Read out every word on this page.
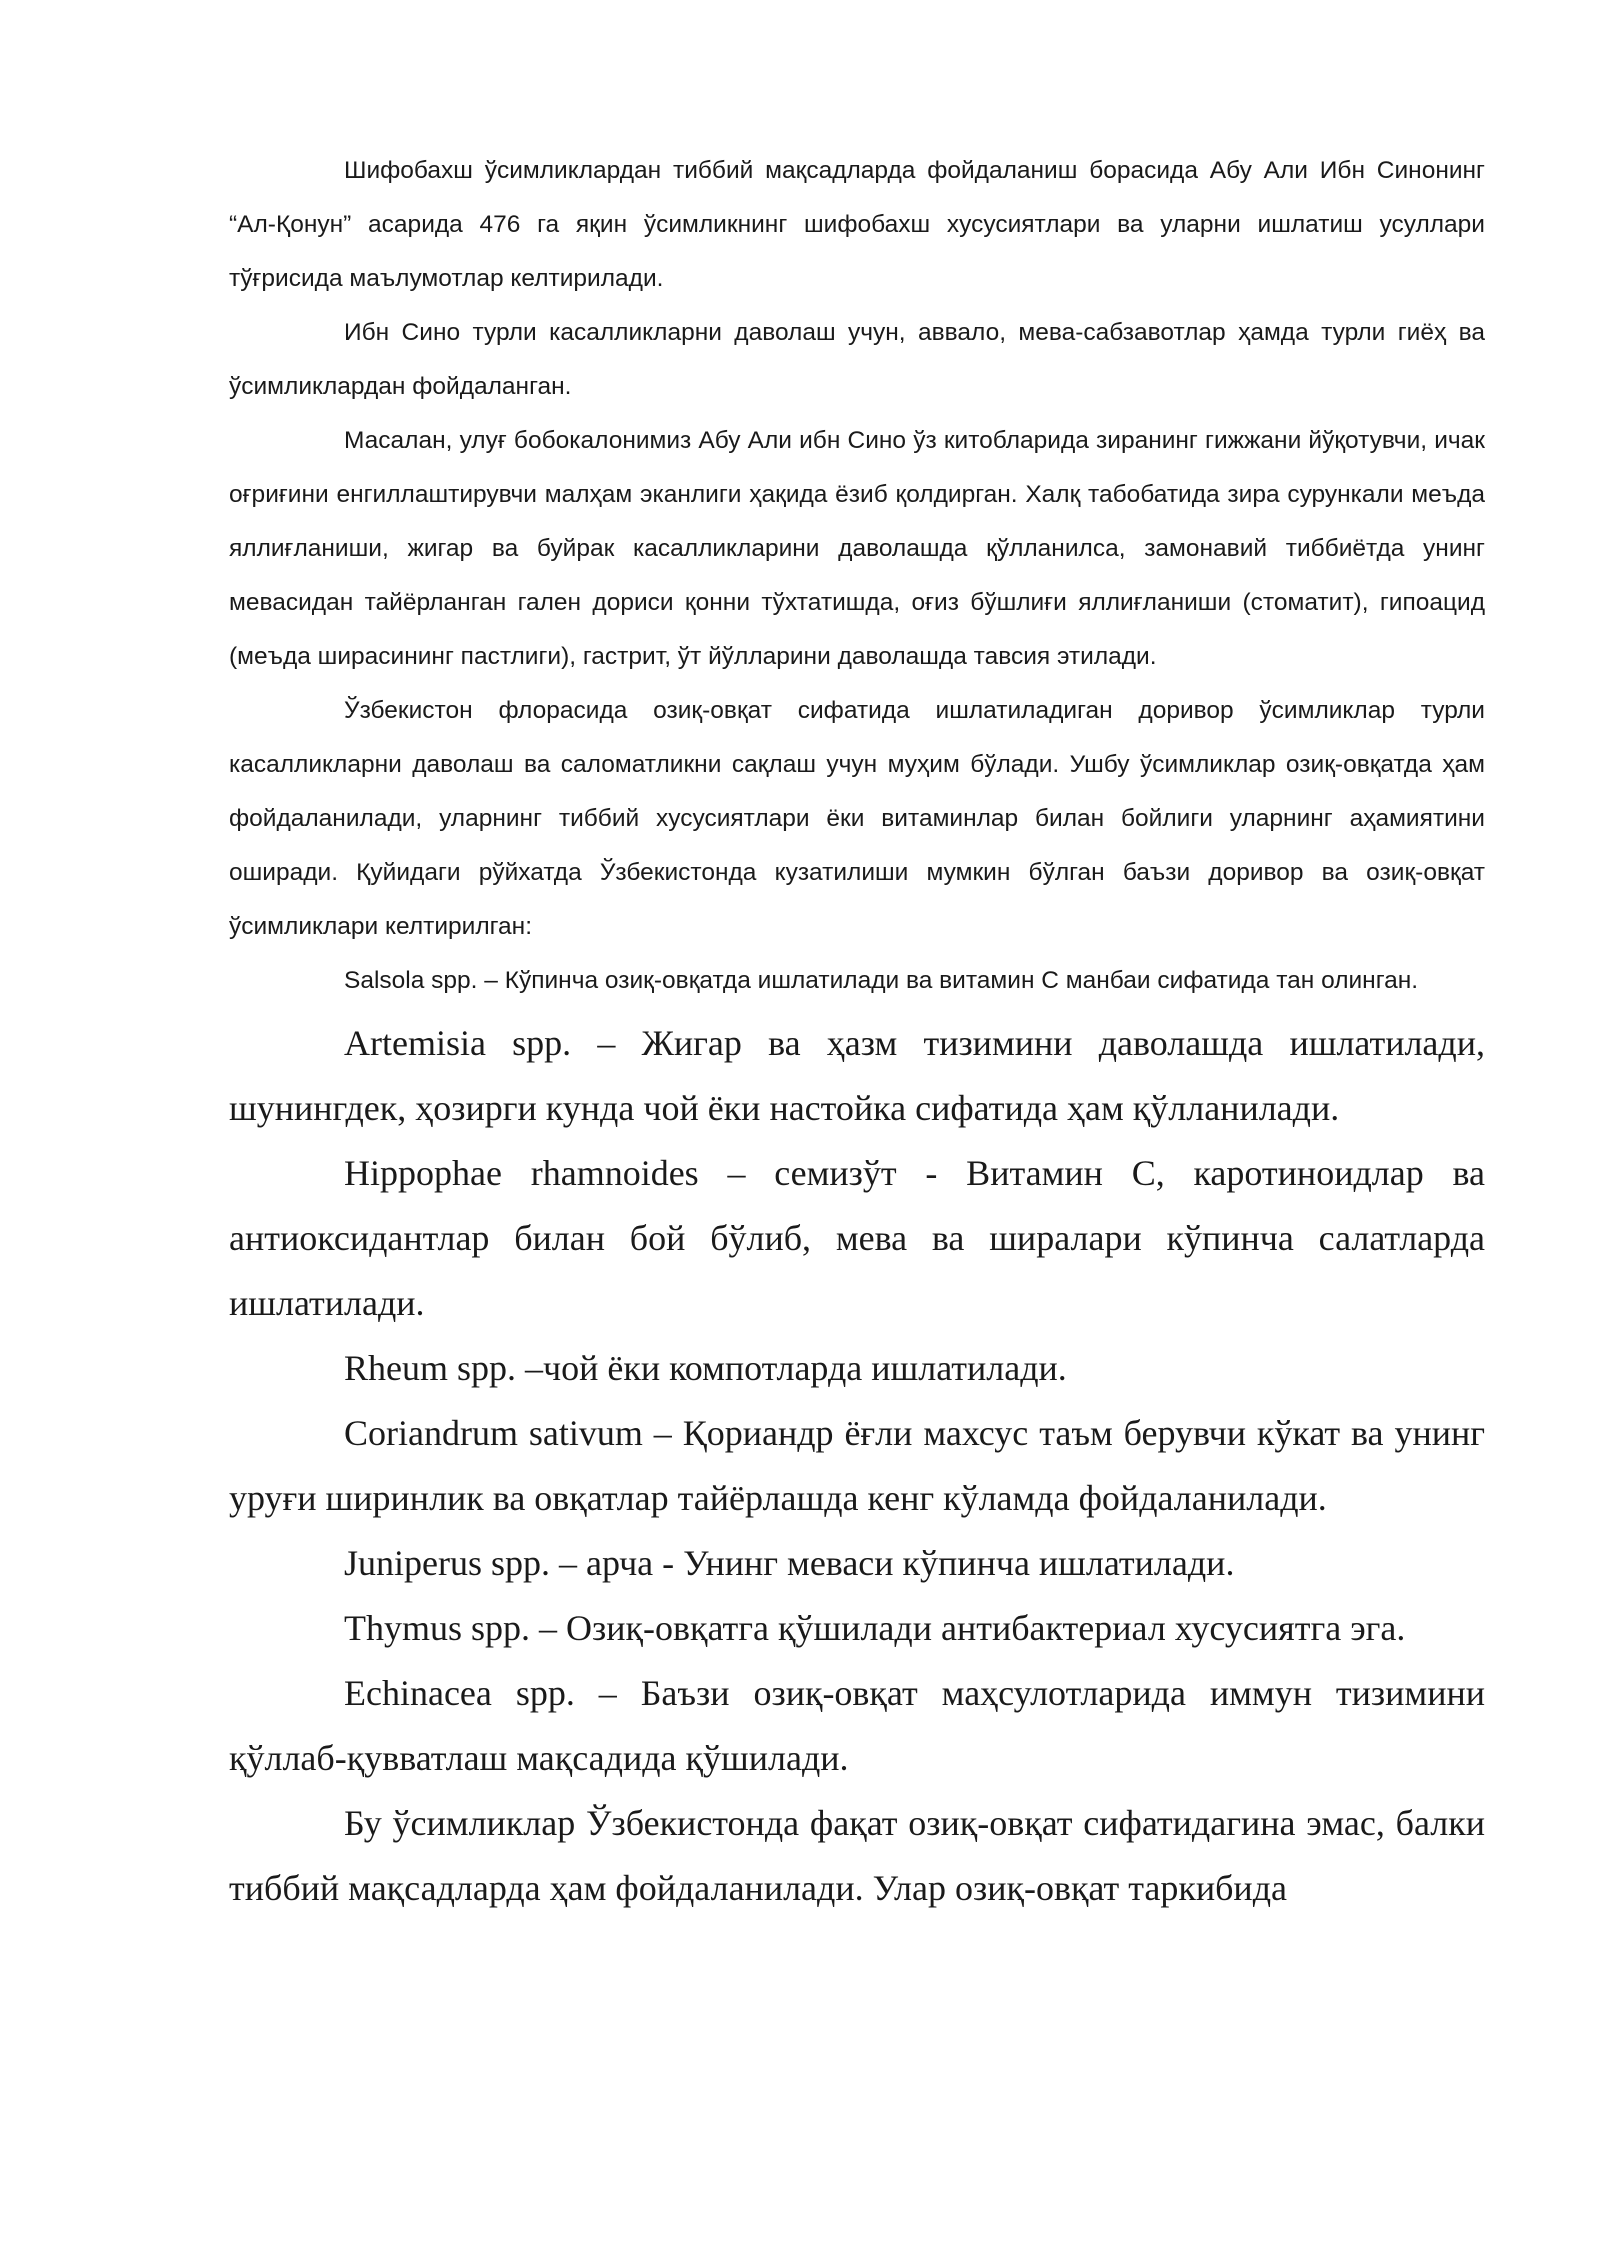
Шифобахш ўсимликлардан тиббий мақсадларда фойдаланиш борасида Абу Али Ибн Синонинг “Ал-Қонун” асарида 476 га яқин ўсимликнинг шифобахш хусусиятлари ва уларни ишлатиш усуллари тўғрисида маълумотлар келтирилади.

Ибн Сино турли касалликларни даволаш учун, аввало, мева-сабзавотлар ҳамда турли гиёҳ ва ўсимликлардан фойдаланган.

Масалан, улуғ бобокалонимиз Абу Али ибн Сино ўз китобларида зиранинг гижжани йўқотувчи, ичак оғриғини енгиллаштирувчи малҳам эканлиги ҳақида ёзиб қолдирган. Халқ табобатида зира сурункали меъда яллиғланиши, жигар ва буйрак касалликларини даволашда қўлланилса, замонавий тиббиётда унинг мевасидан тайёрланган гален дориси қонни тўхтатишда, оғиз бўшлиғи яллиғланиши (стоматит), гипоацид (меъда ширасининг пастлиги), гастрит, ўт йўлларини даволашда тавсия этилади.

Ўзбекистон флорасида озиқ-овқат сифатида ишлатиладиган доривор ўсимликлар турли касалликларни даволаш ва саломатликни сақлаш учун муҳим бўлади. Ушбу ўсимликлар озиқ-овқатда ҳам фойдаланилади, уларнинг тиббий хусусиятлари ёки витаминлар билан бойлиги уларнинг аҳамиятини оширади. Қуйидаги рўйхатда Ўзбекистонда кузатилиши мумкин бўлган баъзи доривор ва озиқ-овқат ўсимликлари келтирилган:

Salsola spp. – Кўпинча озиқ-овқатда ишлатилади ва витамин С манбаи сифатида тан олинган.

Artemisia spp. – Жигар ва ҳазм тизимини даволашда ишлатилади, шунингдек, ҳозирги кунда чой ёки настойка сифатида ҳам қўлланилади.

Hippophae rhamnoides – семизўт - Витамин С, каротиноидлар ва антиоксидантлар билан бой бўлиб, мева ва ширалари кўпинча салатларда ишлатилади.

Rheum spp. –чой ёки компотларда ишлатилади.

Coriandrum sativum – Қориандр ёғли махсус таъм берувчи кўкат ва унинг уруғи ширинлик ва овқатлар тайёрлашда кенг кўламда фойдаланилади.

Juniperus spp. – арча - Унинг меваси кўпинча ишлатилади.

Thymus spp. – Озиқ-овқатга қўшилади антибактериал хусусиятга эга.

Echinacea spp. – Баъзи озиқ-овқат маҳсулотларида иммун тизимини қўллаб-қувватлаш мақсадида қўшилади.

Бу ўсимликлар Ўзбекистонда фақат озиқ-овқат сифатидагина эмас, балки тиббий мақсадларда ҳам фойдаланилади. Улар озиқ-овқат таркибида
